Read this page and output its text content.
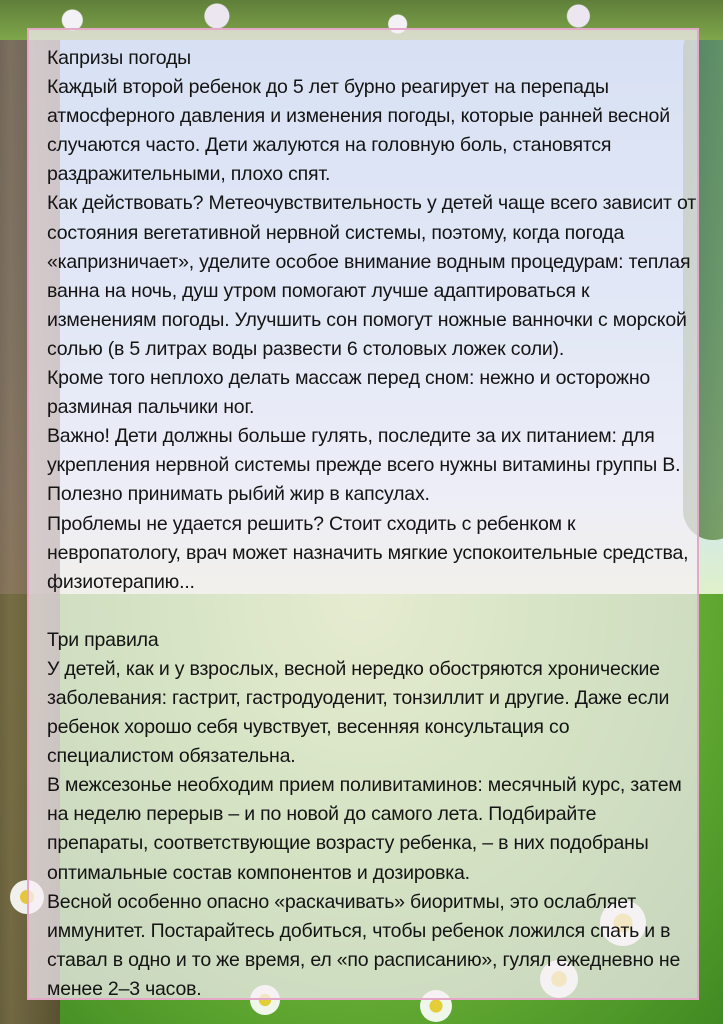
Капризы погоды

Каждый второй ребенок до 5 лет бурно реагирует на перепады атмосферного давления и изменения погоды, которые ранней весной случаются часто. Дети жалуются на головную боль, становятся раздражительными, плохо спят.

Как действовать? Метеочувствительность у детей чаще всего зависит от состояния вегетативной нервной системы, поэтому, когда погода «капризничает», уделите особое внимание водным процедурам: теплая ванна на ночь, душ утром помогают лучше адаптироваться к изменениям погоды. Улучшить сон помогут ножные ванночки с морской солью (в 5 литрах воды развести 6 столовых ложек соли).

Кроме того неплохо делать массаж перед сном: нежно и осторожно разминая пальчики ног.

Важно! Дети должны больше гулять, последите за их питанием: для укрепления нервной системы прежде всего нужны витамины группы В.

Полезно принимать рыбий жир в капсулах.

Проблемы не удается решить? Стоит сходить с ребенком к невропатологу, врач может назначить мягкие успокоительные средства, физиотерапию...

Три правила

У детей, как и у взрослых, весной нередко обостряются хронические заболевания: гастрит, гастродуоденит, тонзиллит и другие. Даже если ребенок хорошо себя чувствует, весенняя консультация со специалистом обязательна.

В межсезонье необходим прием поливитаминов: месячный курс, затем на неделю перерыв – и по новой до самого лета. Подбирайте препараты, соответствующие возрасту ребенка, – в них подобраны оптимальные состав компонентов и дозировка.

Весной особенно опасно «раскачивать» биоритмы, это ослабляет иммунитет. Постарайтесь добиться, чтобы ребенок ложился спать и в ставал в одно и то же время, ел «по расписанию», гулял ежедневно не менее 2–3 часов.
